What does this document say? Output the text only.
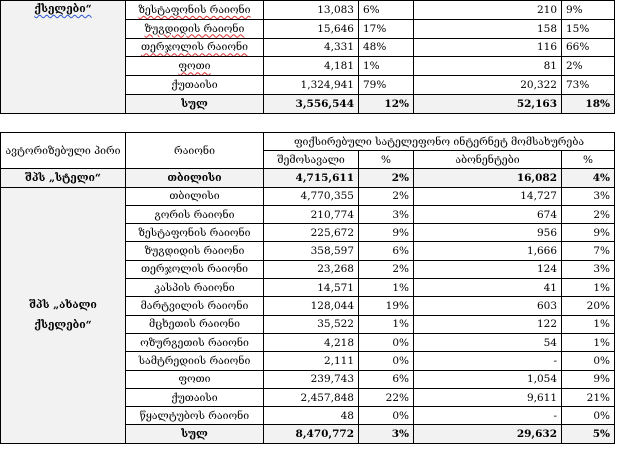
ქსელები“	ზესტაფონის რაიონი	13,083	6%	210	9%
	ზუგდიდის რაიონი	15,646	17%	158	15%
	თერჯოლის რაიონი	4,331	48%	116	66%
	ფოთი	4,181	1%	81	2%
	ქუთაისი	1,324,941	79%	20,322	73%
	სულ	3,556,544	12%	52,163	18%
ავტორიზებული პირი	რაიონი	ფიქსირებული სატელეფონო ინტერნეტ მომსახურება			
		შემოსავალი	%	აბონენტები	%
შპს „სტელი“	თბილისი	4,715,611	2%	16,082	4%
შპს „ახალი ქსელები“	თბილისი	4,770,355	2%	14,727	3%
	გორის რაიონი	210,774	3%	674	2%
	ზესტაფონის რაიონი	225,672	9%	956	9%
	ზუგდიდის რაიონი	358,597	6%	1,666	7%
	თერჯოლის რაიონი	23,268	2%	124	3%
	კასპის რაიონი	14,571	1%	41	1%
	მარტვილის რაიონი	128,044	19%	603	20%
	მცხეთის რაიონი	35,522	1%	122	1%
	ოზურგეთის რაიონი	4,218	0%	54	1%
	სამტრედიის რაიონი	2,111	0%	-	0%
	ფოთი	239,743	6%	1,054	9%
	ქუთაისი	2,457,848	22%	9,611	21%
	წყალტუბოს რაიონი	48	0%	-	0%
	სულ	8,470,772	3%	29,632	5%
